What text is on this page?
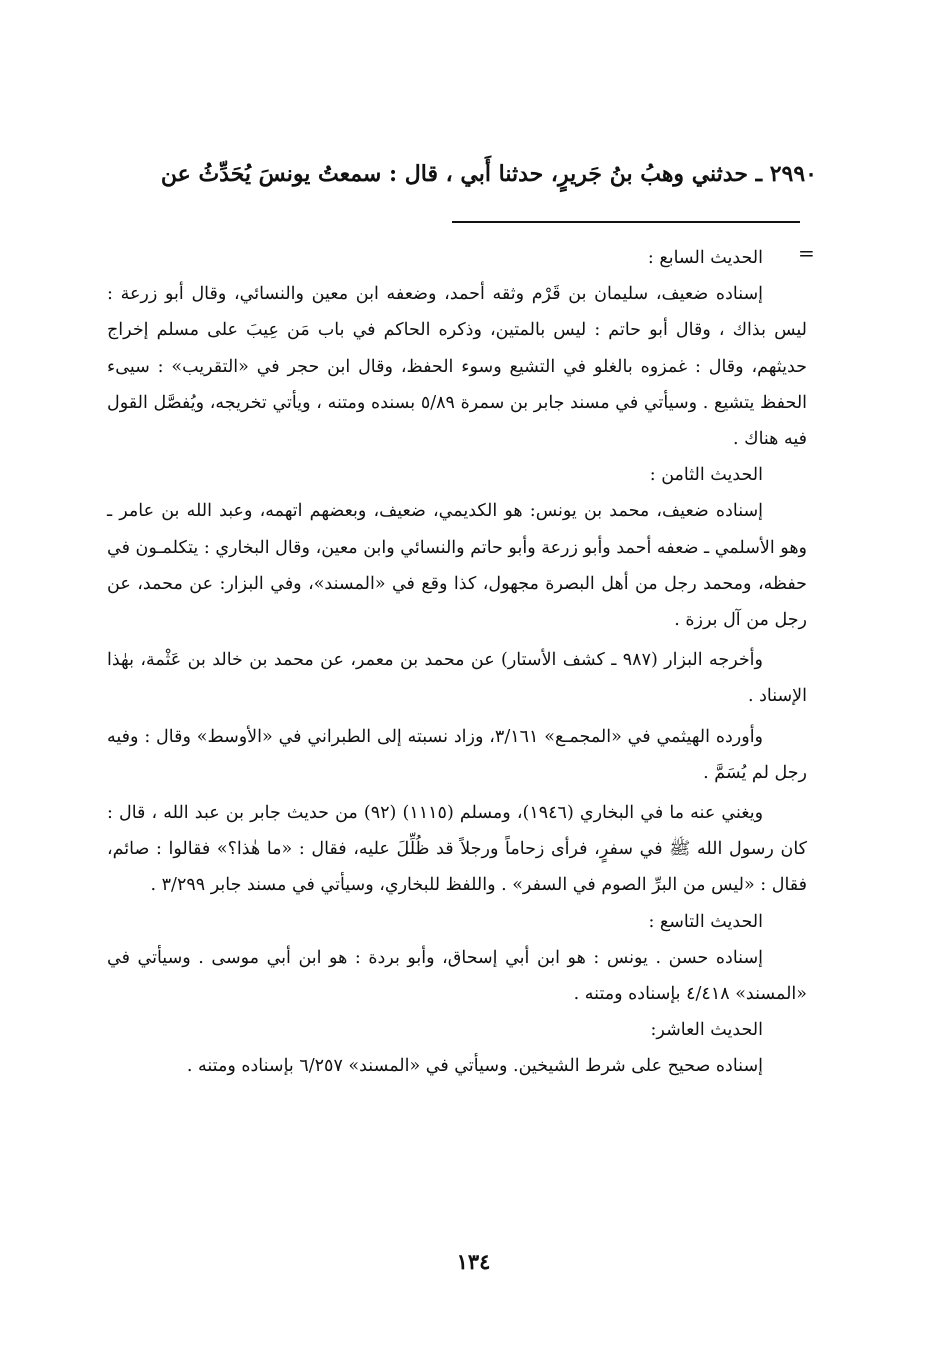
٢٩٩٠ ـ حدثني وهبُ بنُ جَريرٍ، حدثنا أَبي ، قال : سمعتُ يونسَ يُحَدِّثُ عن
=

الحديث السابع :

إسناده ضعيف، سليمان بن قَرْم وثقه أحمد، وضعفه ابن معين والنسائي، وقال أبو زرعة : ليس بذاك ، وقال أبو حاتم : ليس بالمتين، وذكره الحاكم في باب مَن عِيبَ على مسلم إخراج حديثهم، وقال : غمزوه بالغلو في التشيع وسوء الحفظ، وقال ابن حجر في «التقريب» : سيىء الحفظ يتشيع . وسيأتي في مسند جابر بن سمرة ٥/٨٩ بسنده ومتنه ، ويأتي تخريجه، ويُفصَّل القول فيه هناك .

الحديث الثامن :

إسناده ضعيف، محمد بن يونس: هو الكديمي، ضعيف، وبعضهم اتهمه، وعبد الله بن عامر ـ وهو الأسلمي ـ ضعفه أحمد وأبو زرعة وأبو حاتم والنسائي وابن معين، وقال البخاري : يتكلمـون في حفظه، ومحمد رجل من أهل البصرة مجهول، كذا وقع في «المسند»، وفي البزار: عن محمد، عن رجل من آل برزة .

وأخرجه البزار (٩٨٧ ـ كشف الأستار) عن محمد بن معمر، عن محمد بن خالد بن عَثْمة، بهٰذا الإسناد .

وأورده الهيثمي في «المجمـع» ٣/١٦١، وزاد نسبته إلى الطبراني في «الأوسط» وقال : وفيه رجل لم يُسَمَّ .

ويغني عنه ما في البخاري (١٩٤٦)، ومسلم (١١١٥) (٩٢) من حديث جابر بن عبد الله ، قال : كان رسول الله ﷺ في سفرٍ، فرأى زحاماً ورجلاً قد ظُلِّلَ عليه، فقال : «ما هٰذا؟» فقالوا : صائم، فقال : «ليس من البرِّ الصوم في السفر» . واللفظ للبخاري، وسيأتي في مسند جابر ٣/٢٩٩ .

الحديث التاسع :

إسناده حسن . يونس : هو ابن أبي إسحاق، وأبو بردة : هو ابن أبي موسى . وسيأتي في «المسند» ٤/٤١٨ بإسناده ومتنه .

الحديث العاشر:

إسناده صحيح على شرط الشيخين. وسيأتي في «المسند» ٦/٢٥٧ بإسناده ومتنه .

١٣٤
